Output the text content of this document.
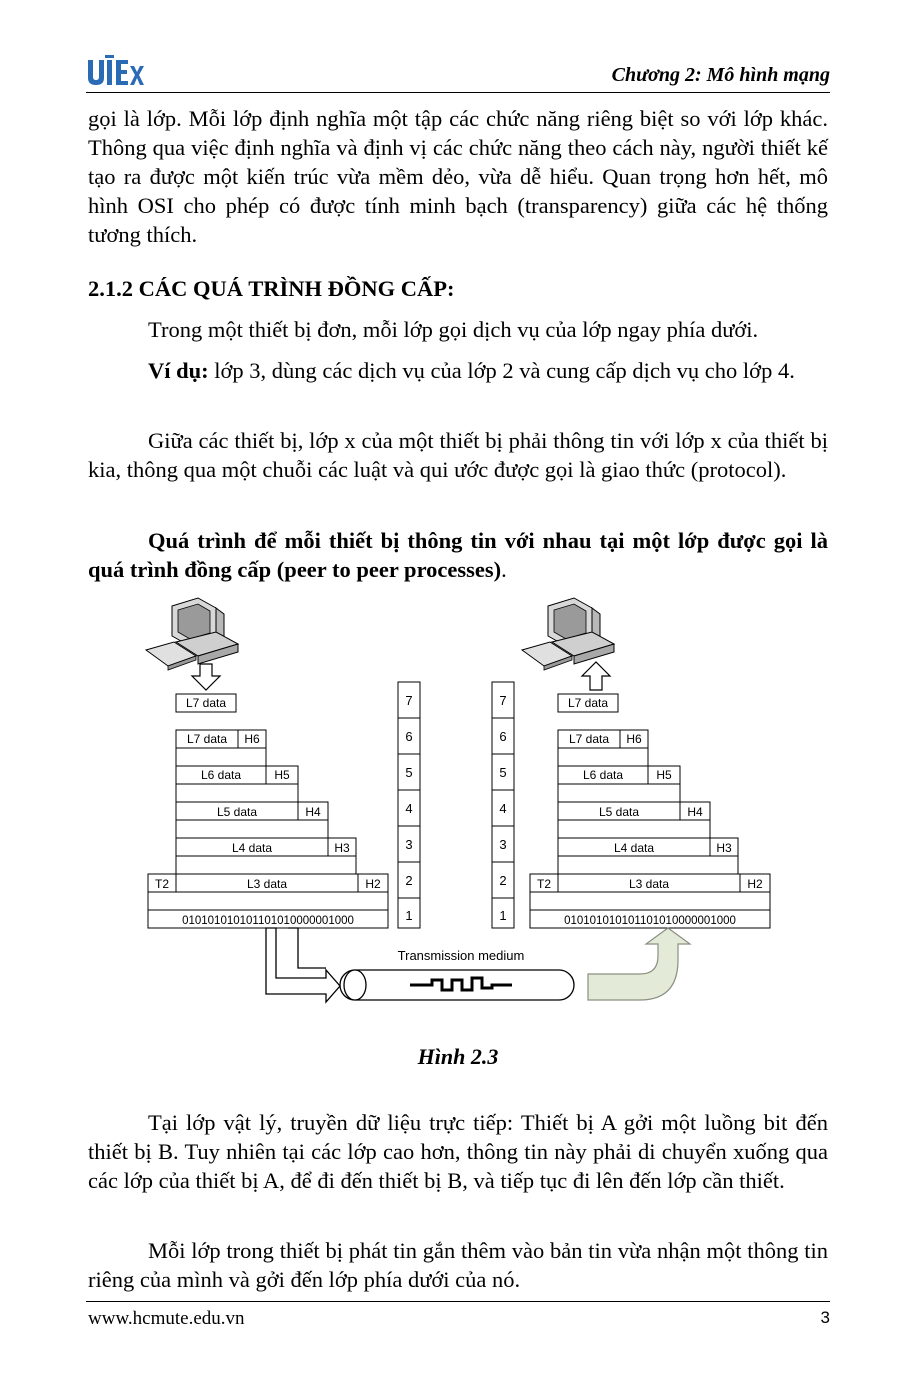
Chương 2: Mô hình mạng

gọi là lớp. Mỗi lớp định nghĩa một tập các chức năng riêng biệt so với lớp khác. Thông qua việc định nghĩa và định vị các chức năng theo cách này, người thiết kế tạo ra được một kiến trúc vừa mềm dẻo, vừa dễ hiểu. Quan trọng hơn hết, mô hình OSI cho phép có được tính minh bạch (transparency) giữa các hệ thống tương thích.

2.1.2 CÁC QUÁ TRÌNH ĐỒNG CẤP:

Trong một thiết bị đơn, mỗi lớp gọi dịch vụ của lớp ngay phía dưới.

Ví dụ: lớp 3, dùng các dịch vụ của lớp 2 và cung cấp dịch vụ cho lớp 4.

Giữa các thiết bị, lớp x của một thiết bị phải thông tin với lớp x của thiết bị kia, thông qua một chuỗi các luật và qui ước được gọi là giao thức (protocol).

Quá trình để mỗi thiết bị thông tin với nhau tại một lớp được gọi là quá trình đồng cấp (peer to peer processes).

L7 data
L7 data H6
L6 data	H5
L5 data	H4
L4 data	H3
T2	L3 data	H2
010101010101101010000001000
L7 data
L7 data H6
L6 data	H5
L5 data	H4
L4 data	H3
T2	L3 data	H2
010101010101101010000001000
7
6
5
4
3
2
1
7
6
5
4
3
2
1
Transmission medium
Hình 2.3

Tại lớp vật lý, truyền dữ liệu trực tiếp: Thiết bị A gởi một luồng bit đến thiết bị B. Tuy nhiên tại các lớp cao hơn, thông tin này phải di chuyển xuống qua các lớp của thiết bị A, để đi đến thiết bị B, và tiếp tục đi lên đến lớp cần thiết.

Mỗi lớp trong thiết bị phát tin gắn thêm vào bản tin vừa nhận một thông tin riêng của mình và gởi đến lớp phía dưới của nó.

www.hcmute.edu.vn	3
